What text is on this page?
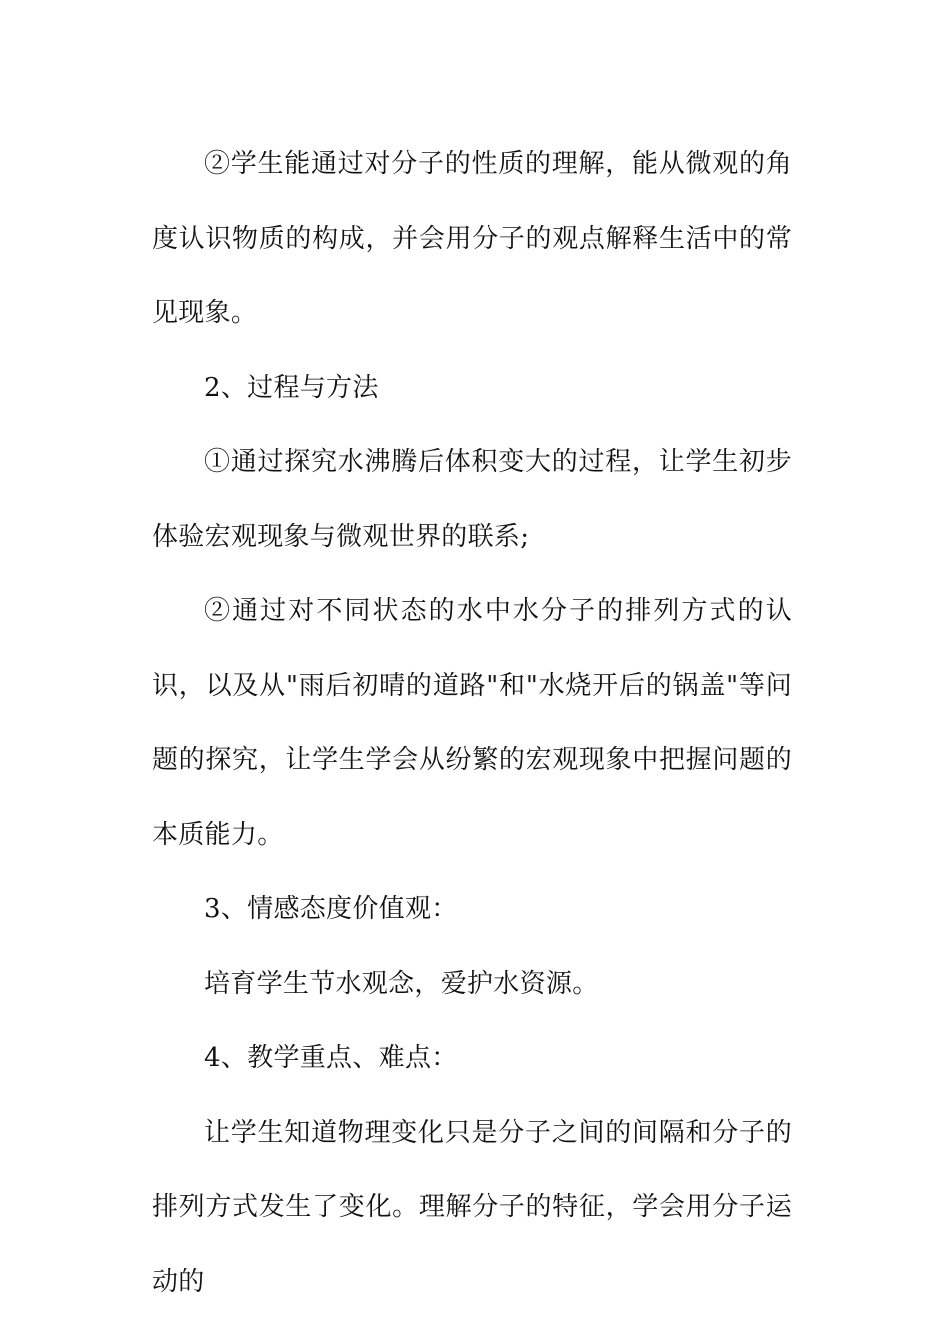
②学生能通过对分子的性质的理解，能从微观的角度认识物质的构成，并会用分子的观点解释生活中的常见现象。

2、过程与方法

①通过探究水沸腾后体积变大的过程，让学生初步体验宏观现象与微观世界的联系;

②通过对不同状态的水中水分子的排列方式的认识，以及从"雨后初晴的道路"和"水烧开后的锅盖"等问题的探究，让学生学会从纷繁的宏观现象中把握问题的本质能力。

3、情感态度价值观：

培育学生节水观念，爱护水资源。

4、教学重点、难点：

让学生知道物理变化只是分子之间的间隔和分子的排列方式发生了变化。理解分子的特征，学会用分子运动的
